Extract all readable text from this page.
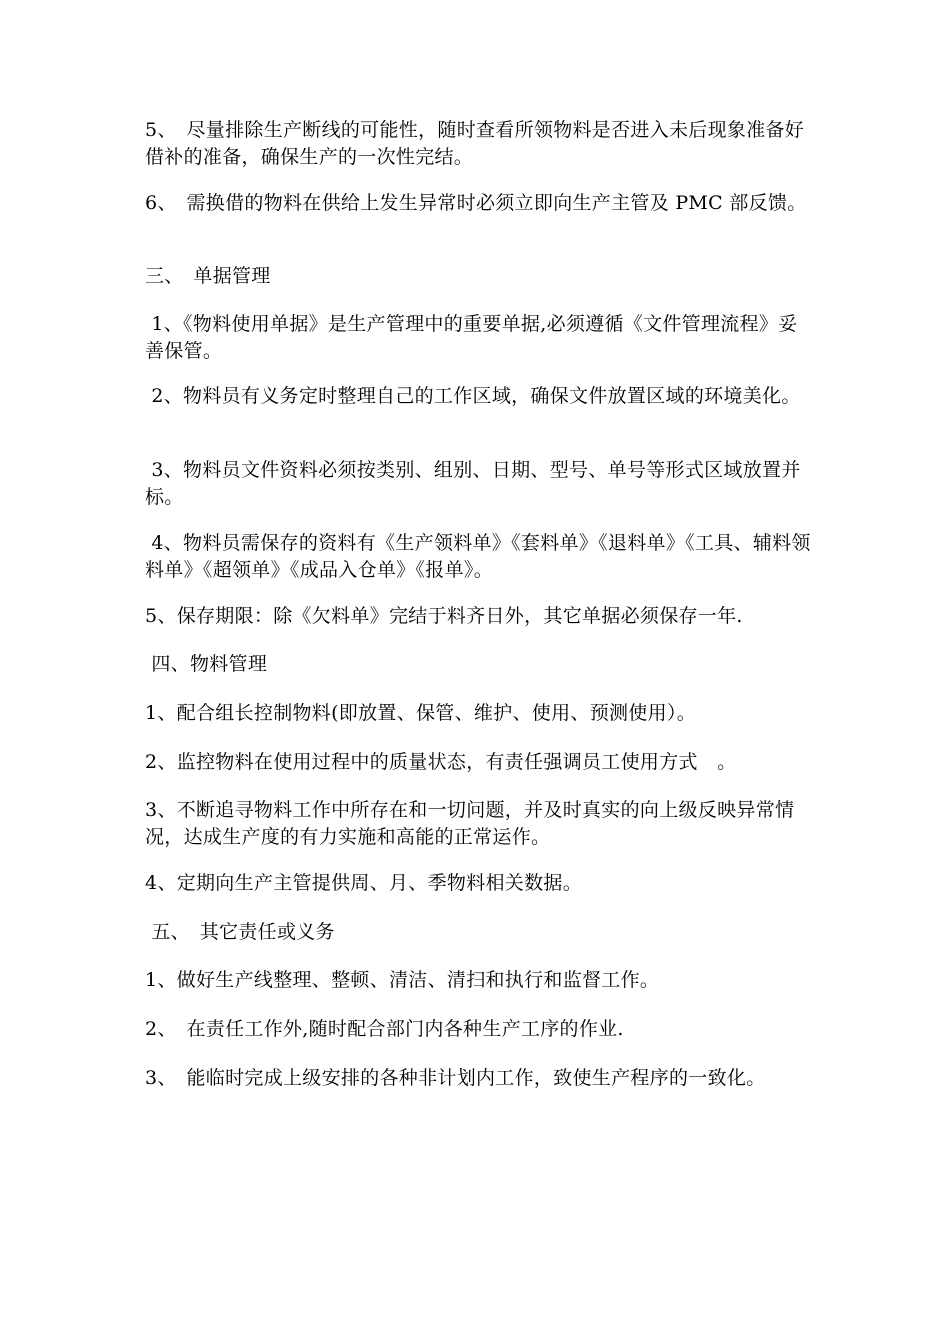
5、　尽量排除生产断线的可能性，随时查看所领物料是否进入未后现象准备好借补的准备，确保生产的一次性完结。

6、　需换借的物料在供给上发生异常时必须立即向生产主管及 PMC 部反馈。

三、　单据管理

1、《物料使用单据》是生产管理中的重要单据,必须遵循《文件管理流程》妥善保管。

2、物料员有义务定时整理自己的工作区域，确保文件放置区域的环境美化。

3、物料员文件资料必须按类别、组别、日期、型号、单号等形式区域放置并标。

4、物料员需保存的资料有《生产领料单》《套料单》《退料单》《工具、辅料领料单》《超领单》《成品入仓单》《报单》。

5、保存期限：除《欠料单》完结于料齐日外，其它单据必须保存一年.

四、物料管理

1、配合组长控制物料(即放置、保管、维护、使用、预测使用）。

2、监控物料在使用过程中的质量状态，有责任强调员工使用方式　。

3、不断追寻物料工作中所存在和一切问题，并及时真实的向上级反映异常情况，达成生产度的有力实施和高能的正常运作。

4、定期向生产主管提供周、月、季物料相关数据。

五、　其它责任或义务

1、做好生产线整理、整顿、清洁、清扫和执行和监督工作。

2、　在责任工作外,随时配合部门内各种生产工序的作业.

3、　能临时完成上级安排的各种非计划内工作，致使生产程序的一致化。
